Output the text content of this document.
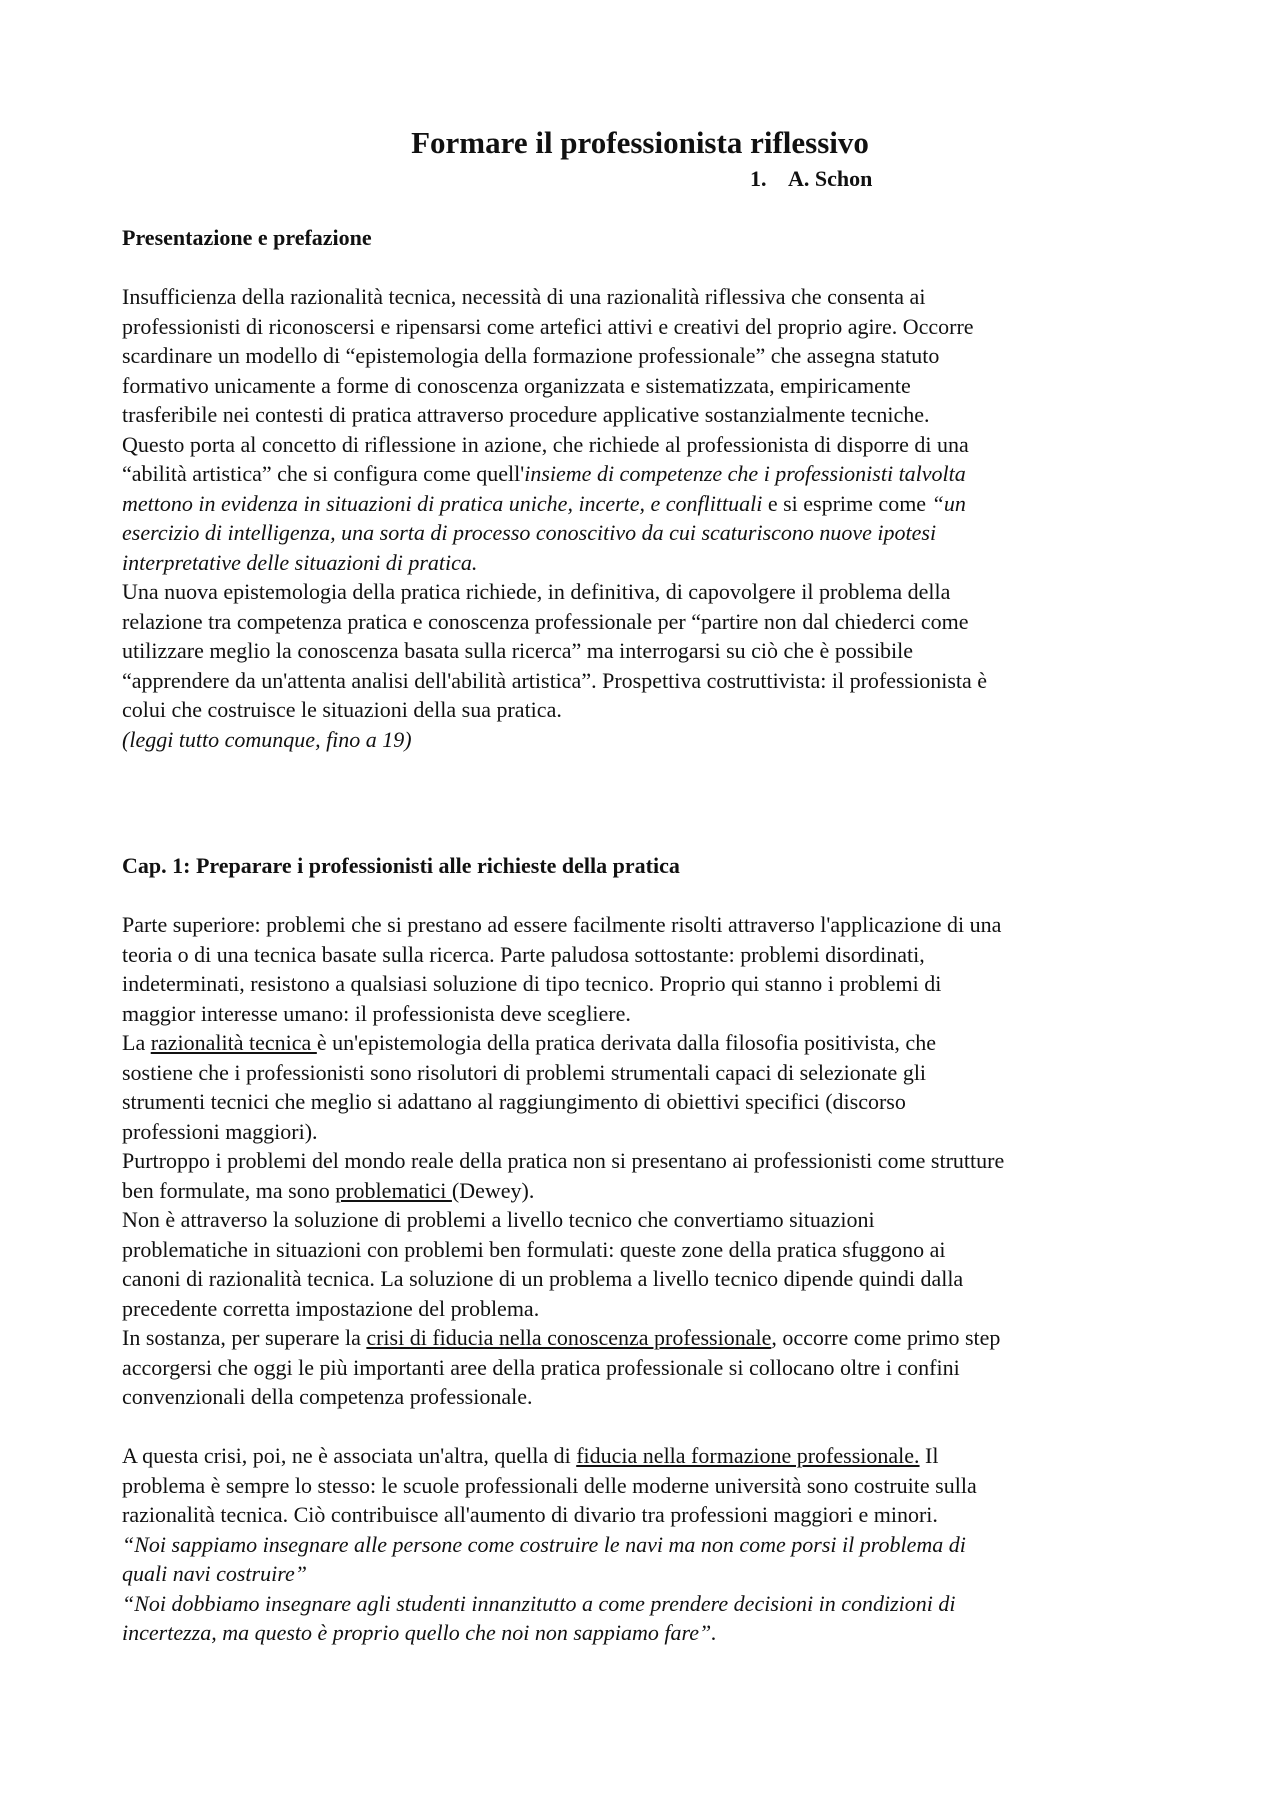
Formare il professionista riflessivo
1. A. Schon
Presentazione e prefazione

Insufficienza della razionalità tecnica, necessità di una razionalità riflessiva che consenta ai
professionisti di riconoscersi e ripensarsi come artefici attivi e creativi del proprio agire. Occorre
scardinare un modello di “epistemologia della formazione professionale” che assegna statuto
formativo unicamente a forme di conoscenza organizzata e sistematizzata, empiricamente
trasferibile nei contesti di pratica attraverso procedure applicative sostanzialmente tecniche.
Questo porta al concetto di riflessione in azione, che richiede al professionista di disporre di una
“abilità artistica” che si configura come quell'insieme di competenze che i professionisti talvolta
mettono in evidenza in situazioni di pratica uniche, incerte, e conflittuali e si esprime come “un
esercizio di intelligenza, una sorta di processo conoscitivo da cui scaturiscono nuove ipotesi
interpretative delle situazioni di pratica.

Una nuova epistemologia della pratica richiede, in definitiva, di capovolgere il problema della
relazione tra competenza pratica e conoscenza professionale per “partire non dal chiederci come
utilizzare meglio la conoscenza basata sulla ricerca” ma interrogarsi su ciò che è possibile
“apprendere da un'attenta analisi dell'abilità artistica”. Prospettiva costruttivista: il professionista è
colui che costruisce le situazioni della sua pratica.

(leggi tutto comunque, fino a 19)

Cap. 1: Preparare i professionisti alle richieste della pratica

Parte superiore: problemi che si prestano ad essere facilmente risolti attraverso l'applicazione di una
teoria o di una tecnica basate sulla ricerca. Parte paludosa sottostante: problemi disordinati,
indeterminati, resistono a qualsiasi soluzione di tipo tecnico. Proprio qui stanno i problemi di
maggior interesse umano: il professionista deve scegliere.

La razionalità tecnica è un'epistemologia della pratica derivata dalla filosofia positivista, che
sostiene che i professionisti sono risolutori di problemi strumentali capaci di selezionate gli
strumenti tecnici che meglio si adattano al raggiungimento di obiettivi specifici (discorso
professioni maggiori).

Purtroppo i problemi del mondo reale della pratica non si presentano ai professionisti come strutture
ben formulate, ma sono problematici (Dewey).

Non è attraverso la soluzione di problemi a livello tecnico che convertiamo situazioni
problematiche in situazioni con problemi ben formulati: queste zone della pratica sfuggono ai
canoni di razionalità tecnica. La soluzione di un problema a livello tecnico dipende quindi dalla
precedente corretta impostazione del problema.

In sostanza, per superare la crisi di fiducia nella conoscenza professionale, occorre come primo step
accorgersi che oggi le più importanti aree della pratica professionale si collocano oltre i confini
convenzionali della competenza professionale.

A questa crisi, poi, ne è associata un'altra, quella di fiducia nella formazione professionale. Il
problema è sempre lo stesso: le scuole professionali delle moderne università sono costruite sulla
razionalità tecnica. Ciò contribuisce all'aumento di divario tra professioni maggiori e minori.

“Noi sappiamo insegnare alle persone come costruire le navi ma non come porsi il problema di
quali navi costruire”

“Noi dobbiamo insegnare agli studenti innanzitutto a come prendere decisioni in condizioni di
incertezza, ma questo è proprio quello che noi non sappiamo fare”.
